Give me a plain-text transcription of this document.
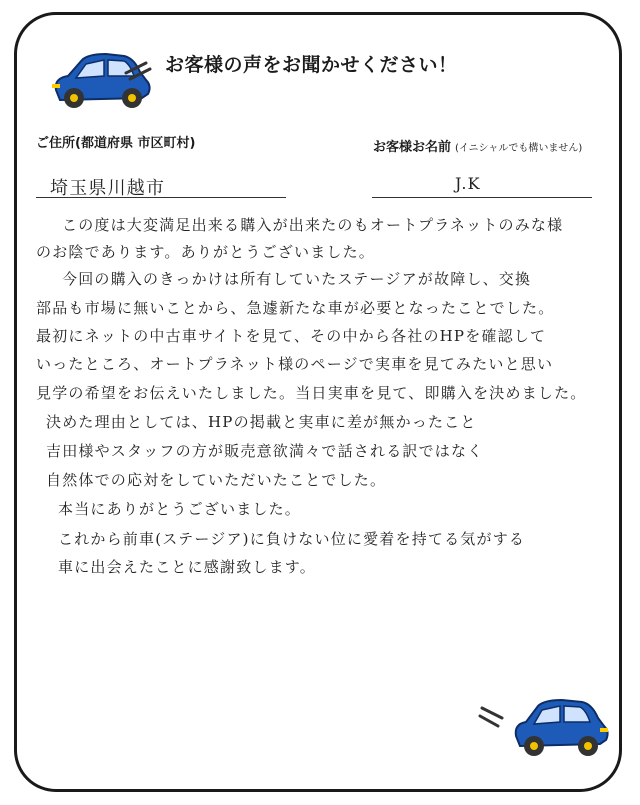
お客様の声をお聞かせください！
ご住所(都道府県 市区町村)	お客様お名前 (イニシャルでも構いません)
埼玉県川越市	J.K
この度は大変満足出来る購入が出来たのもオートプラネットのみな様
のお陰であります。ありがとうございました。
今回の購入のきっかけは所有していたステージアが故障し、交換
部品も市場に無いことから、急遽新たな車が必要となったことでした。
最初にネットの中古車サイトを見て、その中から各社のHPを確認して
いったところ、オートプラネット様のページで実車を見てみたいと思い
見学の希望をお伝えいたしました。当日実車を見て、即購入を決めました。
決めた理由としては、HPの掲載と実車に差が無かったこと
吉田様やスタッフの方が販売意欲満々で話される訳ではなく
自然体での応対をしていただいたことでした。
本当にありがとうございました。
これから前車(ステージア)に負けない位に愛着を持てる気がする
車に出会えたことに感謝致します。
